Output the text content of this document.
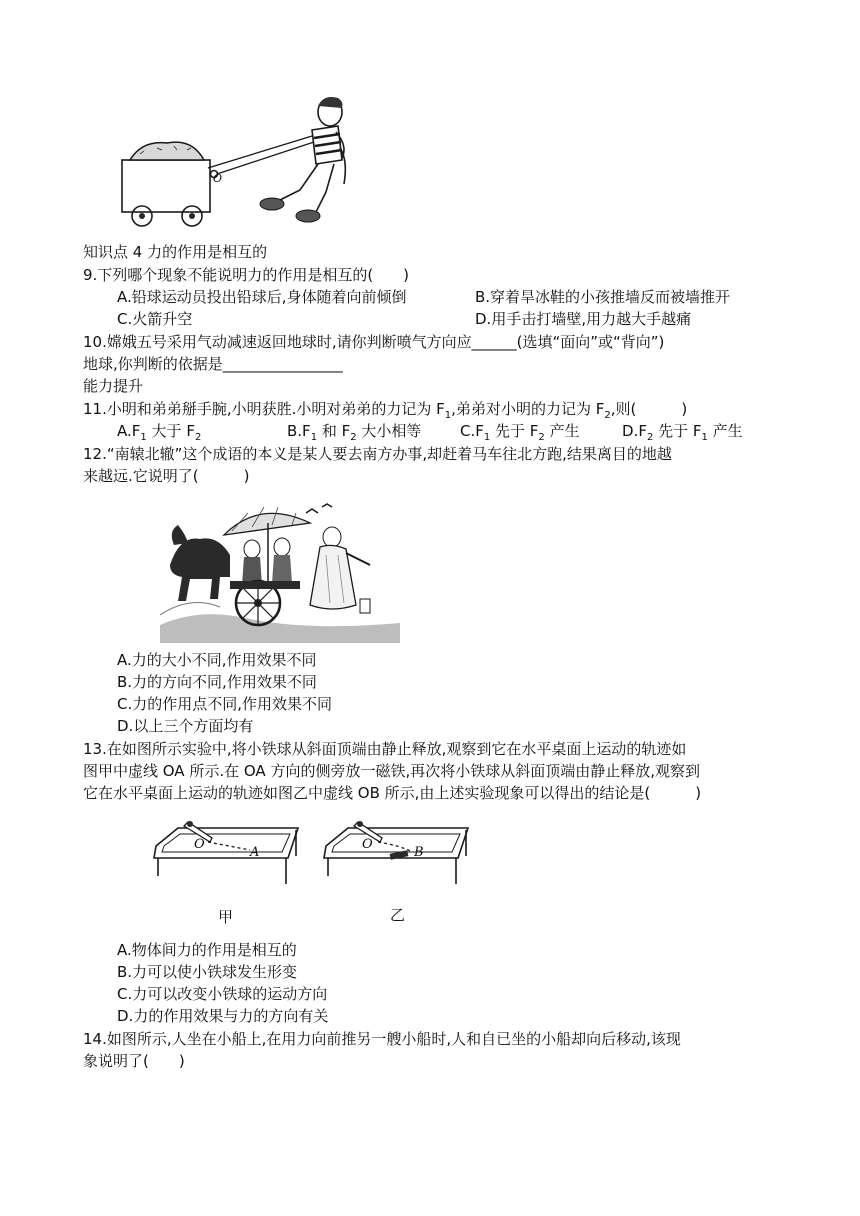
O
知识点 4 力的作用是相互的
9.下列哪个现象不能说明力的作用是相互的(　　)
A.铅球运动员投出铅球后,身体随着向前倾倒	B.穿着旱冰鞋的小孩推墙反而被墙推开
C.火箭升空	D.用手击打墙壁,用力越大手越痛
10.嫦娥五号采用气动减速返回地球时,请你判断喷气方向应______(选填“面向”或“背向”)
地球,你判断的依据是________________
能力提升
11.小明和弟弟掰手腕,小明获胜.小明对弟弟的力记为 $F_1$,弟弟对小明的力记为 $F_2$,则(　　　)
$A.F_1$ 大于 $F_2$	$B.F_1$ 和 $F_2$ 大小相等	$C.F_1$ 先于 $F_2$ 产生	$D.F_2$ 先于 $F_1$ 产生
12.“南辕北辙”这个成语的本义是某人要去南方办事,却赶着马车往北方跑,结果离目的地越
来越远.它说明了(　　　)
A.力的大小不同,作用效果不同
B.力的方向不同,作用效果不同
C.力的作用点不同,作用效果不同
D.以上三个方面均有
13.在如图所示实验中,将小铁球从斜面顶端由静止释放,观察到它在水平桌面上运动的轨迹如
图甲中虚线 OA 所示.在 OA 方向的侧旁放一磁铁,再次将小铁球从斜面顶端由静止释放,观察到
它在水平桌面上运动的轨迹如图乙中虚线 OB 所示,由上述实验现象可以得出的结论是(　　　)
O
A
O
B
甲	乙
A.物体间力的作用是相互的
B.力可以使小铁球发生形变
C.力可以改变小铁球的运动方向
D.力的作用效果与力的方向有关
14.如图所示,人坐在小船上,在用力向前推另一艘小船时,人和自已坐的小船却向后移动,该现
象说明了(　　)
